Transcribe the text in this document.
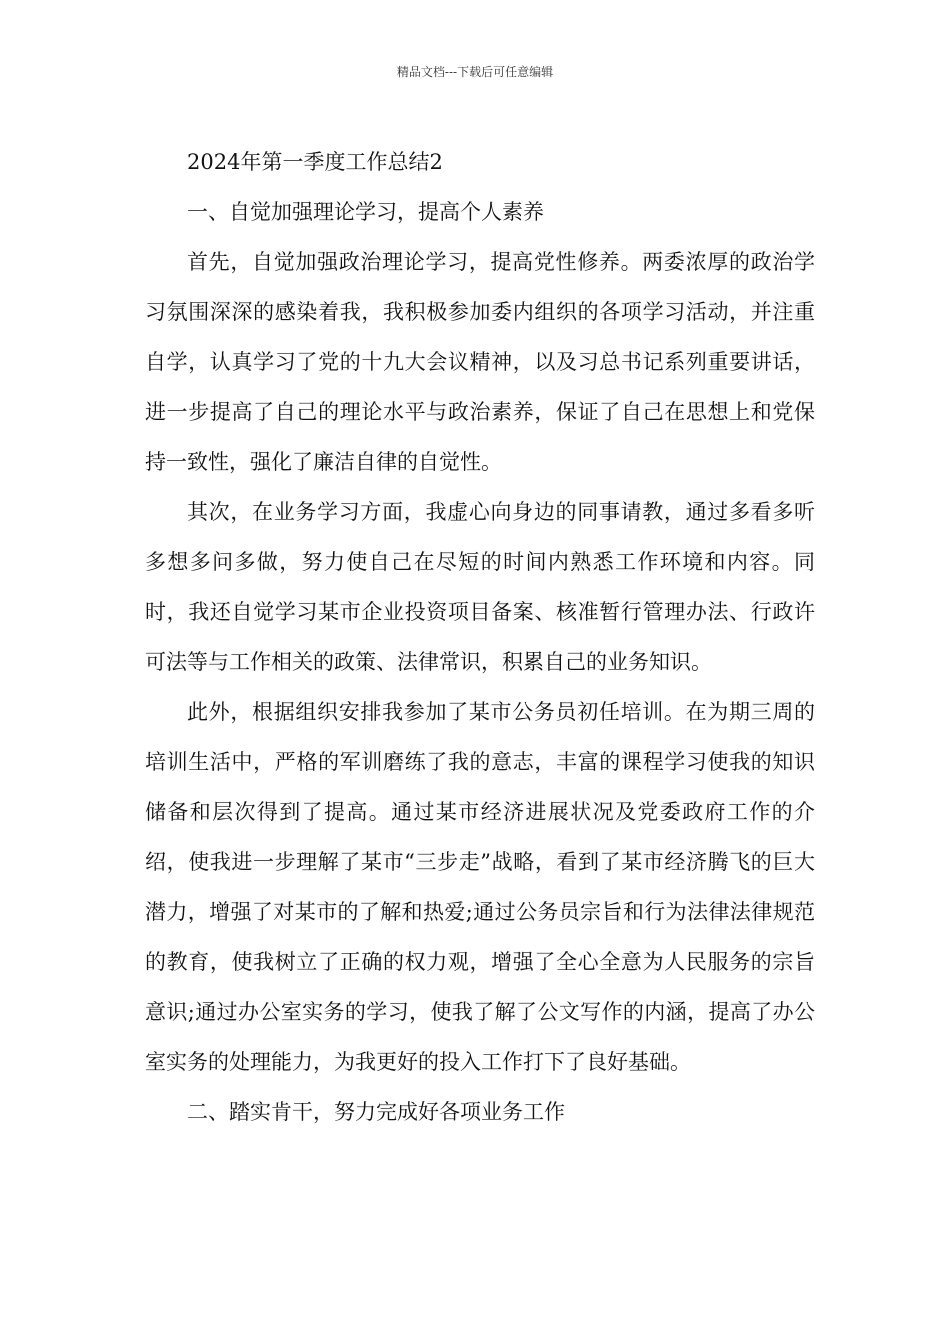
精品文档---下载后可任意编辑

2024年第一季度工作总结2

一、自觉加强理论学习，提高个人素养

首先，自觉加强政治理论学习，提高党性修养。两委浓厚的政治学习氛围深深的感染着我，我积极参加委内组织的各项学习活动，并注重自学，认真学习了党的十九大会议精神，以及习总书记系列重要讲话，进一步提高了自己的理论水平与政治素养，保证了自己在思想上和党保持一致性，强化了廉洁自律的自觉性。

其次，在业务学习方面，我虚心向身边的同事请教，通过多看多听多想多问多做，努力使自己在尽短的时间内熟悉工作环境和内容。同时，我还自觉学习某市企业投资项目备案、核准暂行管理办法、行政许可法等与工作相关的政策、法律常识，积累自己的业务知识。

此外，根据组织安排我参加了某市公务员初任培训。在为期三周的培训生活中，严格的军训磨练了我的意志，丰富的课程学习使我的知识储备和层次得到了提高。通过某市经济进展状况及党委政府工作的介绍，使我进一步理解了某市“三步走”战略，看到了某市经济腾飞的巨大潜力，增强了对某市的了解和热爱;通过公务员宗旨和行为法律法律规范的教育，使我树立了正确的权力观，增强了全心全意为人民服务的宗旨意识;通过办公室实务的学习，使我了解了公文写作的内涵，提高了办公室实务的处理能力，为我更好的投入工作打下了良好基础。

二、踏实肯干，努力完成好各项业务工作
